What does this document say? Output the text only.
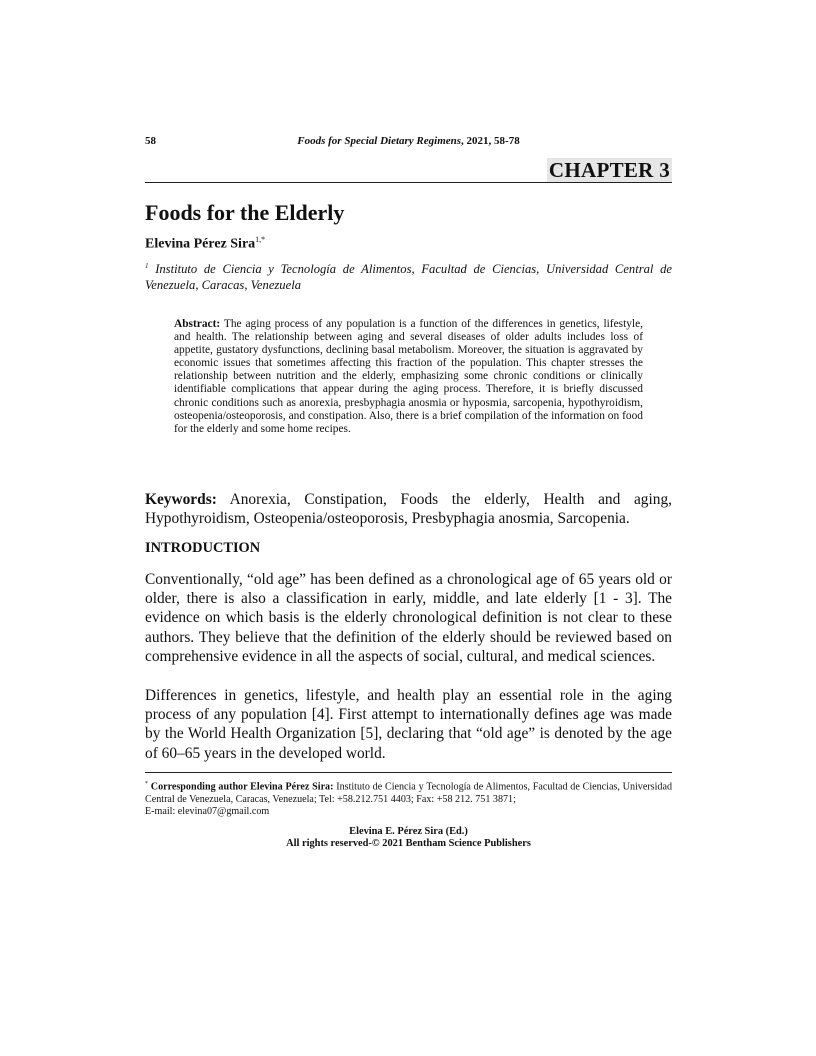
58	Foods for Special Dietary Regimens, 2021, 58-78
CHAPTER 3
Foods for the Elderly
Elevina Pérez Sira$^{1,*}$
$^1$ Instituto de Ciencia y Tecnología de Alimentos, Facultad de Ciencias, Universidad Central de Venezuela, Caracas, Venezuela
Abstract: The aging process of any population is a function of the differences in genetics, lifestyle, and health. The relationship between aging and several diseases of older adults includes loss of appetite, gustatory dysfunctions, declining basal metabolism. Moreover, the situation is aggravated by economic issues that sometimes affecting this fraction of the population. This chapter stresses the relationship between nutrition and the elderly, emphasizing some chronic conditions or clinically identifiable complications that appear during the aging process. Therefore, it is briefly discussed chronic conditions such as anorexia, presbyphagia anosmia or hyposmia, sarcopenia, hypothyroidism, osteopenia/osteoporosis, and constipation. Also, there is a brief compilation of the information on food for the elderly and some home recipes.
Keywords: Anorexia, Constipation, Foods the elderly, Health and aging, Hypothyroidism, Osteopenia/osteoporosis, Presbyphagia anosmia, Sarcopenia.
INTRODUCTION
Conventionally, “old age” has been defined as a chronological age of 65 years old or older, there is also a classification in early, middle, and late elderly [1 - 3]. The evidence on which basis is the elderly chronological definition is not clear to these authors. They believe that the definition of the elderly should be reviewed based on comprehensive evidence in all the aspects of social, cultural, and medical sciences.
Differences in genetics, lifestyle, and health play an essential role in the aging process of any population [4]. First attempt to internationally defines age was made by the World Health Organization [5], declaring that “old age” is denoted by the age of 60–65 years in the developed world.
* Corresponding author Elevina Pérez Sira: Instituto de Ciencia y Tecnología de Alimentos, Facultad de Ciencias, Universidad Central de Venezuela, Caracas, Venezuela; Tel: +58.212.751 4403; Fax: +58 212. 751 3871;
E-mail: elevina07@gmail.com
Elevina E. Pérez Sira (Ed.)
All rights reserved-© 2021 Bentham Science Publishers
